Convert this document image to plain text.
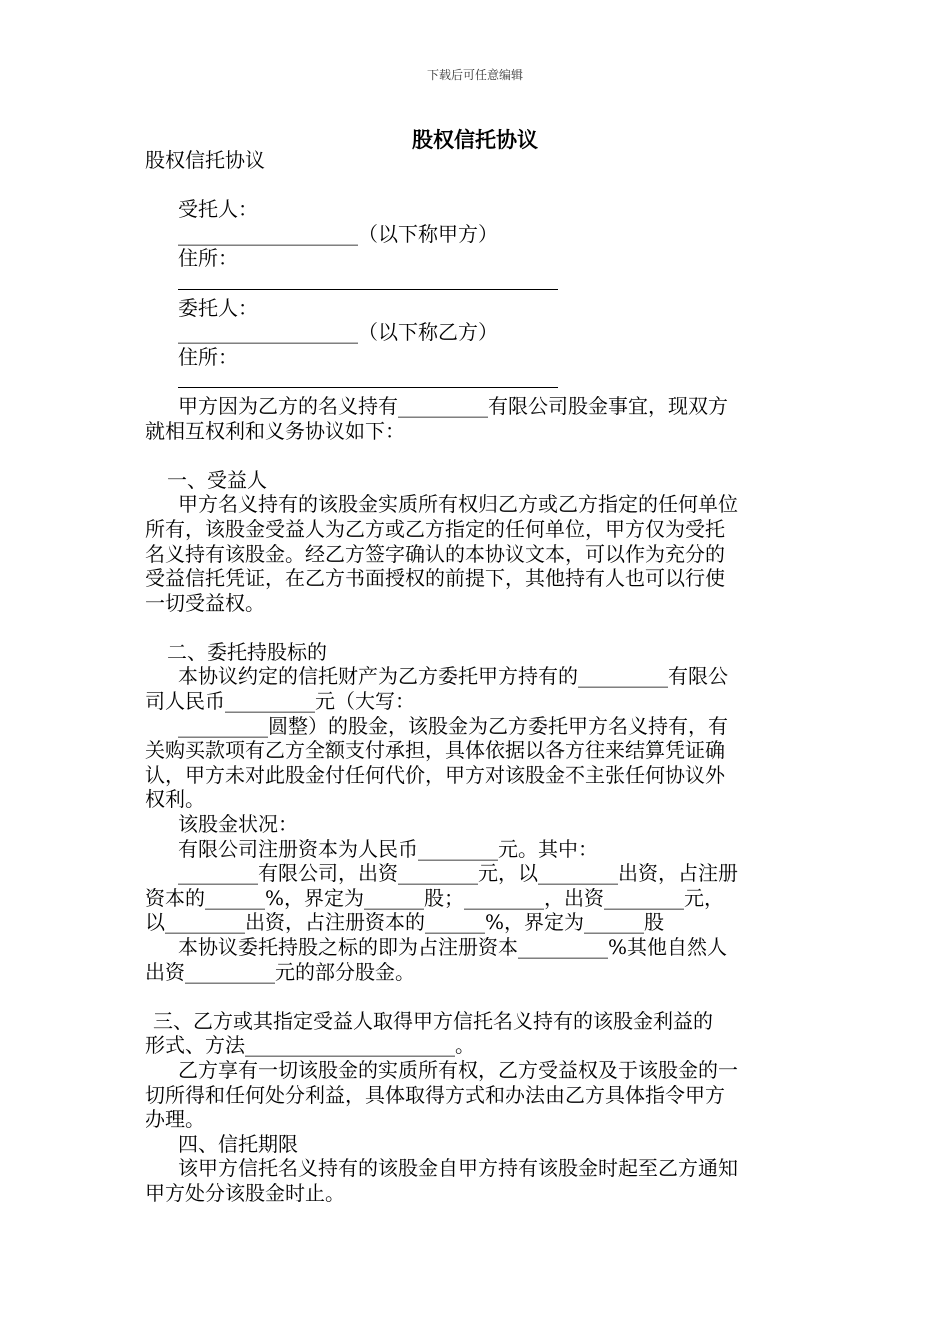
下载后可任意编辑
股权信托协议
股权信托协议
受托人：
__________________（以下称甲方）
住所：
委托人：
__________________（以下称乙方）
住所：
甲方因为乙方的名义持有_________有限公司股金事宜，现双方
就相互权利和义务协议如下：
一、受益人
甲方名义持有的该股金实质所有权归乙方或乙方指定的任何单位
所有，该股金受益人为乙方或乙方指定的任何单位，甲方仅为受托
名义持有该股金。经乙方签字确认的本协议文本，可以作为充分的
受益信托凭证，在乙方书面授权的前提下，其他持有人也可以行使
一切受益权。
二、委托持股标的
本协议约定的信托财产为乙方委托甲方持有的_________有限公
司人民币_________元（大写：
_________圆整）的股金，该股金为乙方委托甲方名义持有，有
关购买款项有乙方全额支付承担，具体依据以各方往来结算凭证确
认，甲方未对此股金付任何代价，甲方对该股金不主张任何协议外
权利。
该股金状况：
有限公司注册资本为人民币________元。其中：
________有限公司，出资________元，以________出资，占注册
资本的______%，界定为______股；________，出资________元，
以________出资，占注册资本的______%，界定为______股
本协议委托持股之标的即为占注册资本_________%其他自然人
出资_________元的部分股金。
三、乙方或其指定受益人取得甲方信托名义持有的该股金利益的
形式、方法_____________________。
乙方享有一切该股金的实质所有权，乙方受益权及于该股金的一
切所得和任何处分利益，具体取得方式和办法由乙方具体指令甲方
办理。
四、信托期限
该甲方信托名义持有的该股金自甲方持有该股金时起至乙方通知
甲方处分该股金时止。
